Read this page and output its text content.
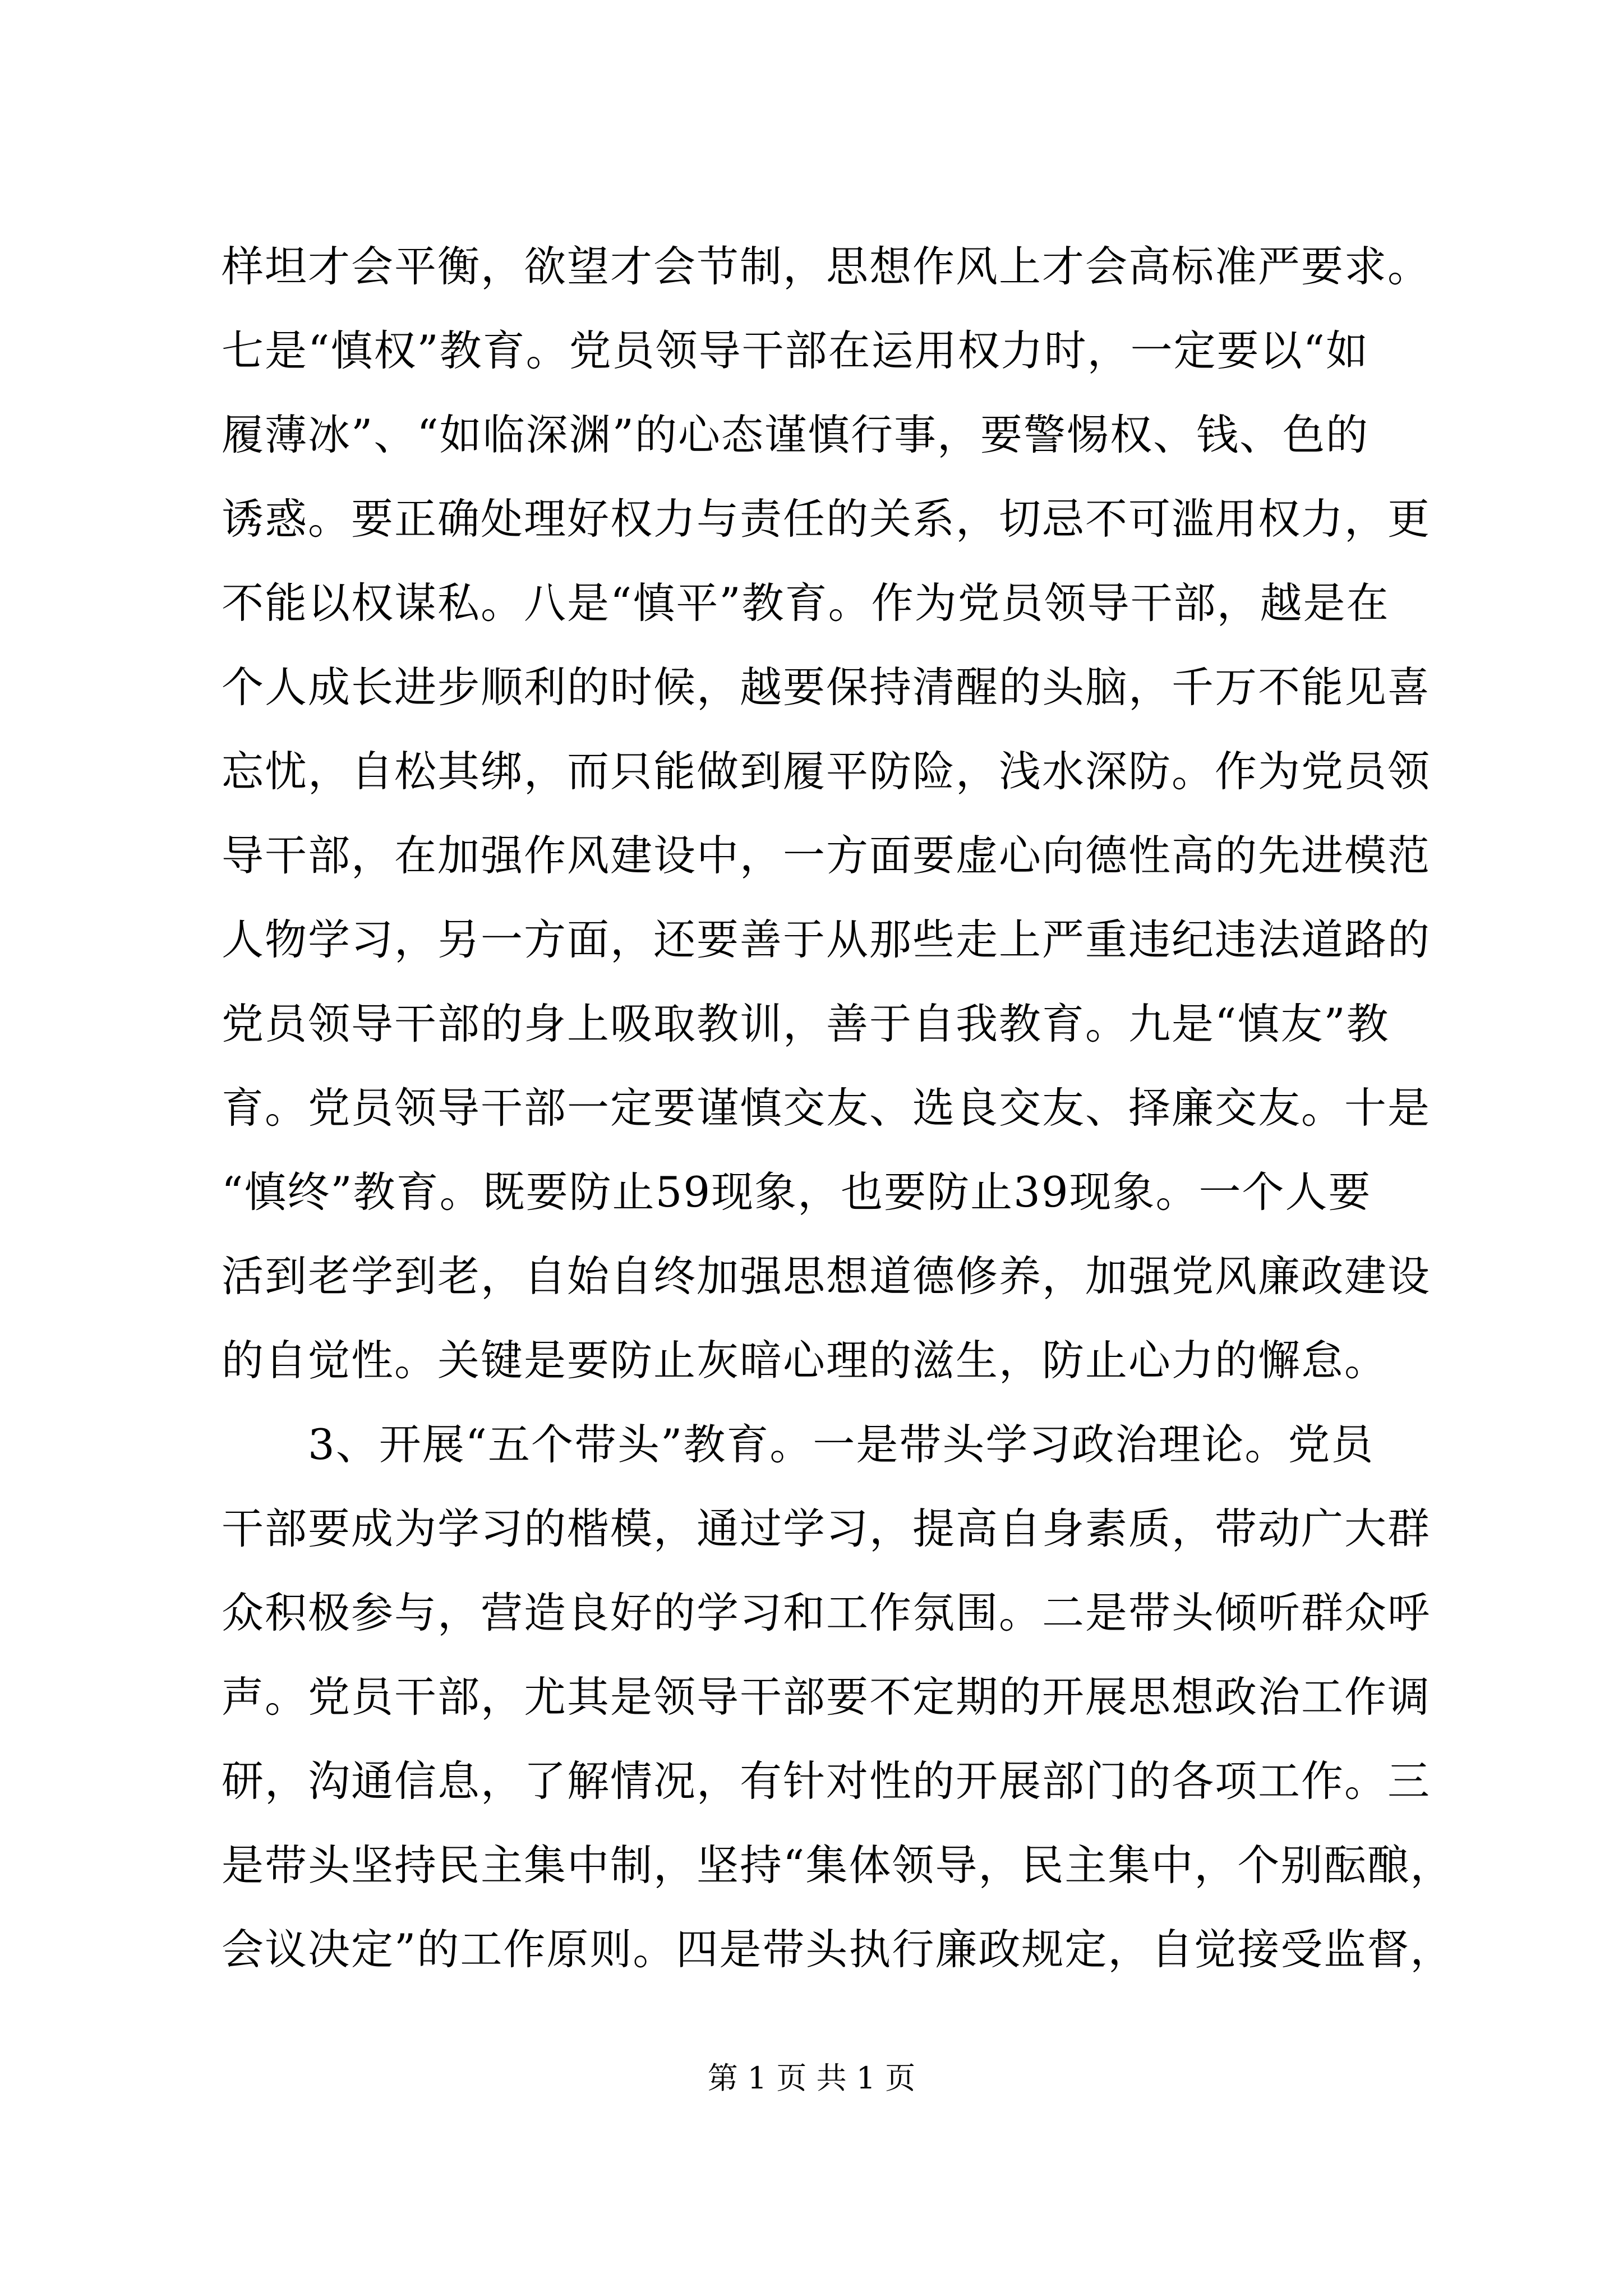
样坦才会平衡，欲望才会节制，思想作风上才会高标准严要求。
七是“慎权”教育。党员领导干部在运用权力时，一定要以“如
履薄冰”、“如临深渊”的心态谨慎行事，要警惕权、钱、色的
诱惑。要正确处理好权力与责任的关系，切忌不可滥用权力，更
不能以权谋私。八是“慎平”教育。作为党员领导干部，越是在
个人成长进步顺利的时候，越要保持清醒的头脑，千万不能见喜
忘忧，自松其绑，而只能做到履平防险，浅水深防。作为党员领
导干部，在加强作风建设中，一方面要虚心向德性高的先进模范
人物学习，另一方面，还要善于从那些走上严重违纪违法道路的
党员领导干部的身上吸取教训，善于自我教育。九是“慎友”教
育。党员领导干部一定要谨慎交友、选良交友、择廉交友。十是
“慎终”教育。既要防止59现象，也要防止39现象。一个人要
活到老学到老，自始自终加强思想道德修养，加强党风廉政建设
的自觉性。关键是要防止灰暗心理的滋生，防止心力的懈怠。
　　3、开展“五个带头”教育。一是带头学习政治理论。党员
干部要成为学习的楷模，通过学习，提高自身素质，带动广大群
众积极参与，营造良好的学习和工作氛围。二是带头倾听群众呼
声。党员干部，尤其是领导干部要不定期的开展思想政治工作调
研，沟通信息，了解情况，有针对性的开展部门的各项工作。三
是带头坚持民主集中制，坚持“集体领导，民主集中，个别酝酿，
会议决定”的工作原则。四是带头执行廉政规定，自觉接受监督，
第 1 页 共 1 页
